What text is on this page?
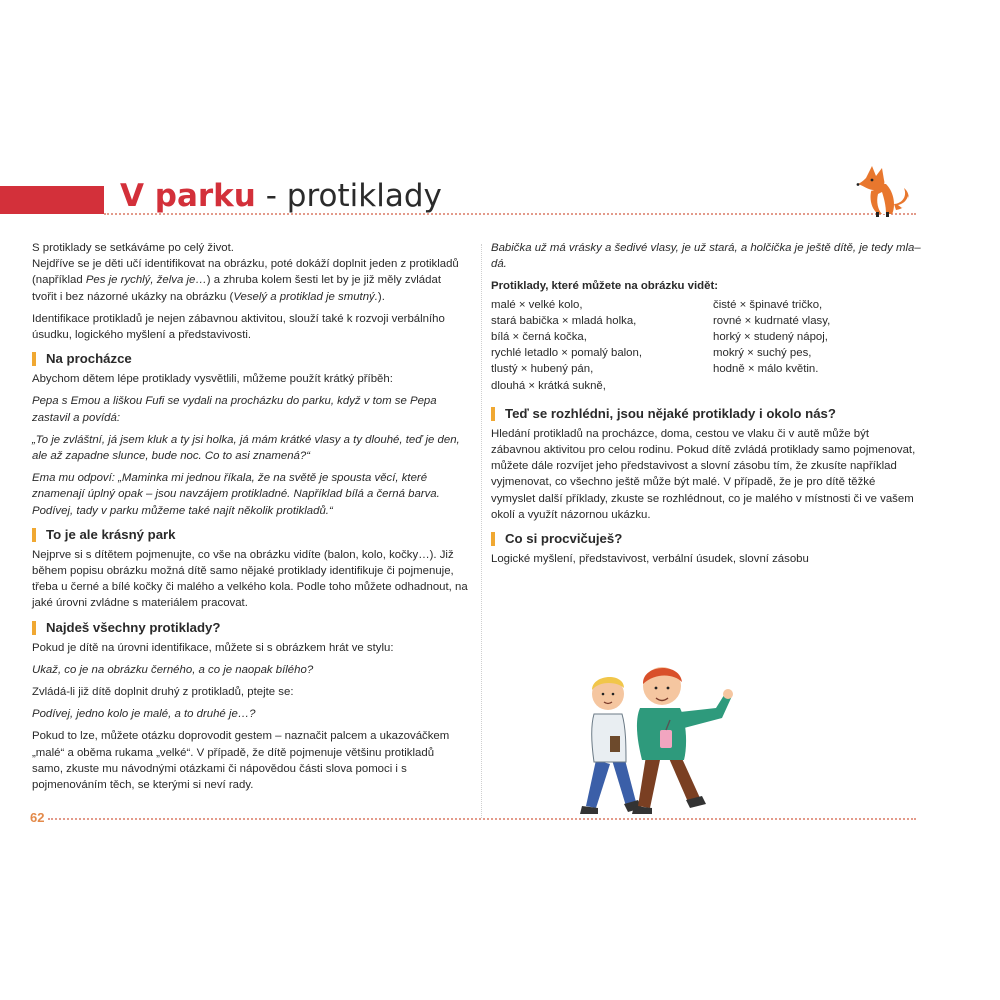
V parku - protiklady

S protiklady se setkáváme po celý život.
Nejdříve se je děti učí identifikovat na obrázku, poté dokáží doplnit jeden z protikladů (například Pes je rychlý, želva je…) a zhruba kolem šesti let by je již měly zvládat tvořit i bez názorné ukázky na obrázku (Veselý a protiklad je smutný.).

Identifikace protikladů je nejen zábavnou aktivitou, slouží také k rozvoji verbálního úsudku, logického myšlení a představivosti.

Na procházce

Abychom dětem lépe protiklady vysvětlili, můžeme použít krátký příběh:

Pepa s Emou a liškou Fufi se vydali na procházku do parku, když v tom se Pepa zastavil a povídá:

„To je zvláštní, já jsem kluk a ty jsi holka, já mám krátké vlasy a ty dlouhé, teď je den, ale až zapadne slunce, bude noc. Co to asi znamená?“

Ema mu odpoví: „Maminka mi jednou říkala, že na světě je spousta věcí, které znamenají úplný opak – jsou navzájem protikladné. Například bílá a černá barva. Podívej, tady v parku můžeme také najít několik protikladů.“

To je ale krásný park

Nejprve si s dítětem pojmenujte, co vše na obrázku vidíte (balon, kolo, kočky…). Již během popisu obrázku možná dítě samo nějaké protiklady identifikuje či pojmenuje, třeba u černé a bílé kočky či malého a velkého kola. Podle toho můžete odhadnout, na jaké úrovni zvládne s materiálem pracovat.

Najdeš všechny protiklady?

Pokud je dítě na úrovni identifikace, můžete si s obrázkem hrát ve stylu:

Ukaž, co je na obrázku černého, a co je naopak bílého?

Zvládá-li již dítě doplnit druhý z protikladů, ptejte se:

Podívej, jedno kolo je malé, a to druhé je…?

Pokud to lze, můžete otázku doprovodit gestem – naznačit palcem a ukazováčkem „malé“ a oběma rukama „velké“. V případě, že dítě pojmenuje většinu protikladů samo, zkuste mu návodnými otázkami či nápovědou části slova pomoci i s pojmenováním těch, se kterými si neví rady.

Babička už má vrásky a šedivé vlasy, je už stará, a holčička je ještě dítě, je tedy mla–dá.

Protiklady, které můžete na obrázku vidět:
malé × velké kolo,
stará babička × mladá holka,
bílá × černá kočka,
rychlé letadlo × pomalý balon,
tlustý × hubený pán,
dlouhá × krátká sukně,
čisté × špinavé tričko,
rovné × kudrnaté vlasy,
horký × studený nápoj,
mokrý × suchý pes,
hodně × málo květin.
Teď se rozhlédni, jsou nějaké protiklady i okolo nás?

Hledání protikladů na procházce, doma, cestou ve vlaku či v autě může být zábavnou aktivitou pro celou rodinu. Pokud dítě zvládá protiklady samo pojmenovat, můžete dále rozvíjet jeho představivost a slovní zásobu tím, že zkusíte například vyjmenovat, co všechno ještě může být malé. V případě, že je pro dítě těžké vymyslet další příklady, zkuste se rozhlédnout, co je malého v místnosti či ve vašem okolí a využít názornou ukázku.

Co si procvičuješ?

Logické myšlení, představivost, verbální úsudek, slovní zásobu

62
